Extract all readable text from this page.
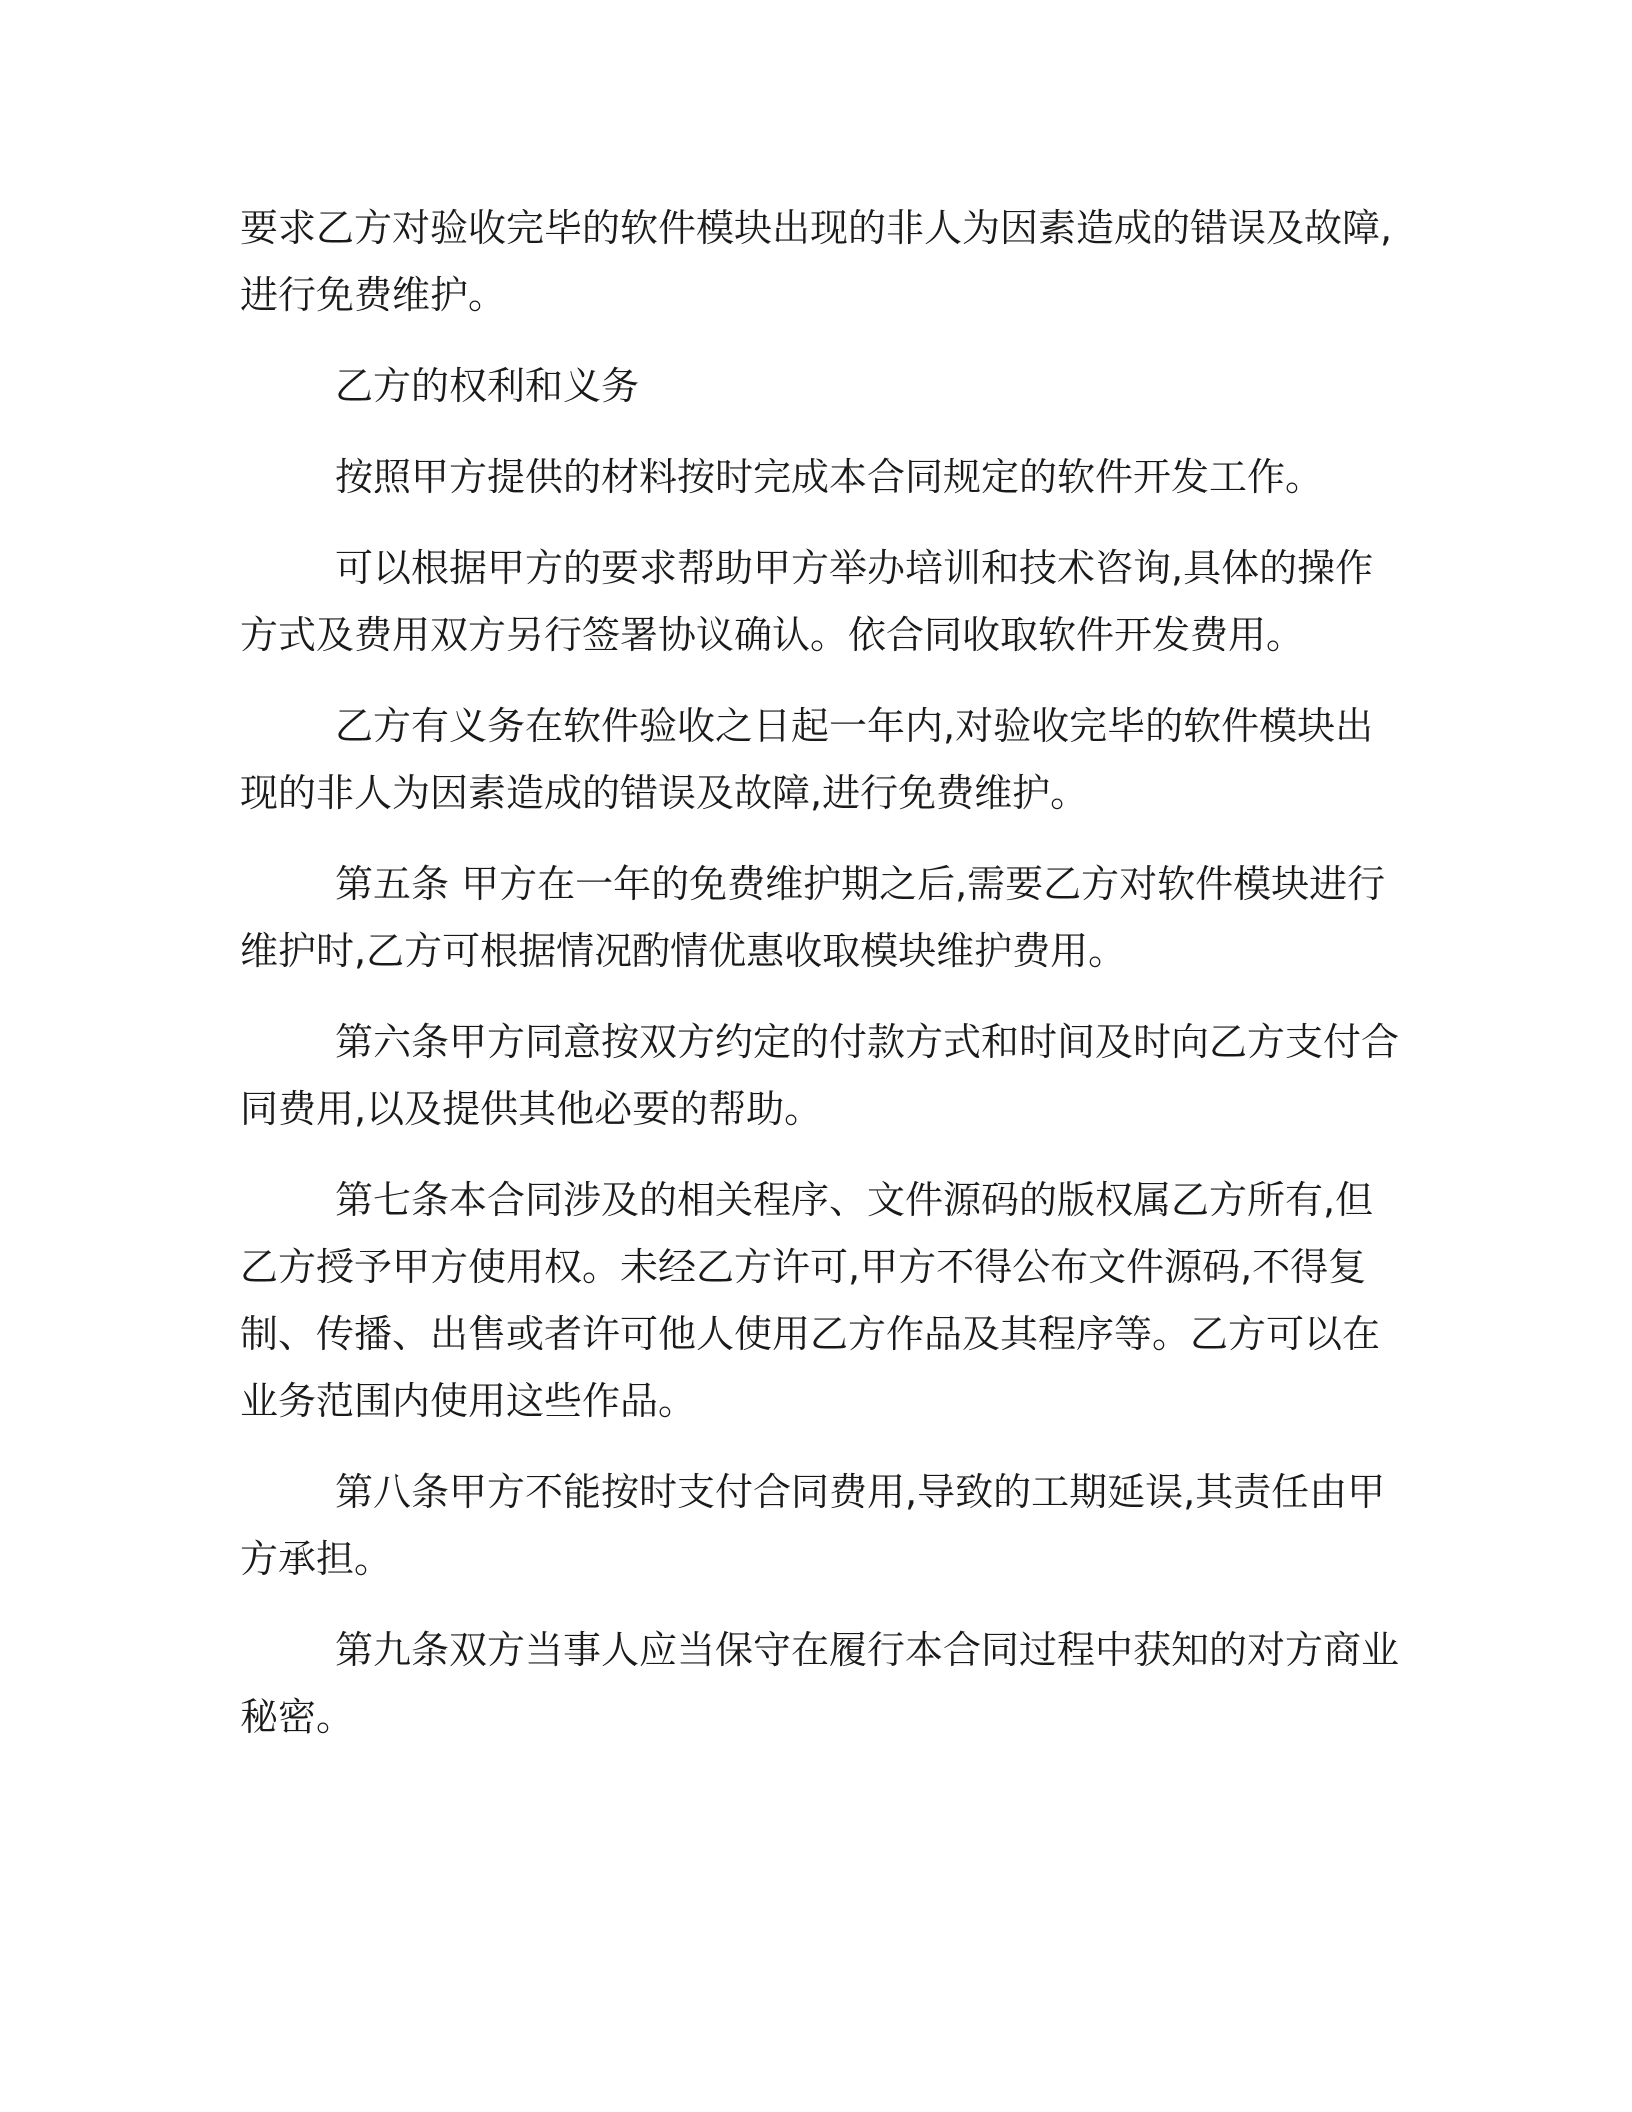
要求乙方对验收完毕的软件模块出现的非人为因素造成的错误及故障,进行免费维护。

乙方的权利和义务

按照甲方提供的材料按时完成本合同规定的软件开发工作。

可以根据甲方的要求帮助甲方举办培训和技术咨询,具体的操作方式及费用双方另行签署协议确认。依合同收取软件开发费用。

乙方有义务在软件验收之日起一年内,对验收完毕的软件模块出现的非人为因素造成的错误及故障,进行免费维护。

第五条 甲方在一年的免费维护期之后,需要乙方对软件模块进行维护时,乙方可根据情况酌情优惠收取模块维护费用。

第六条甲方同意按双方约定的付款方式和时间及时向乙方支付合同费用,以及提供其他必要的帮助。

第七条本合同涉及的相关程序、文件源码的版权属乙方所有,但乙方授予甲方使用权。未经乙方许可,甲方不得公布文件源码,不得复制、传播、出售或者许可他人使用乙方作品及其程序等。乙方可以在业务范围内使用这些作品。

第八条甲方不能按时支付合同费用,导致的工期延误,其责任由甲方承担。

第九条双方当事人应当保守在履行本合同过程中获知的对方商业秘密。
